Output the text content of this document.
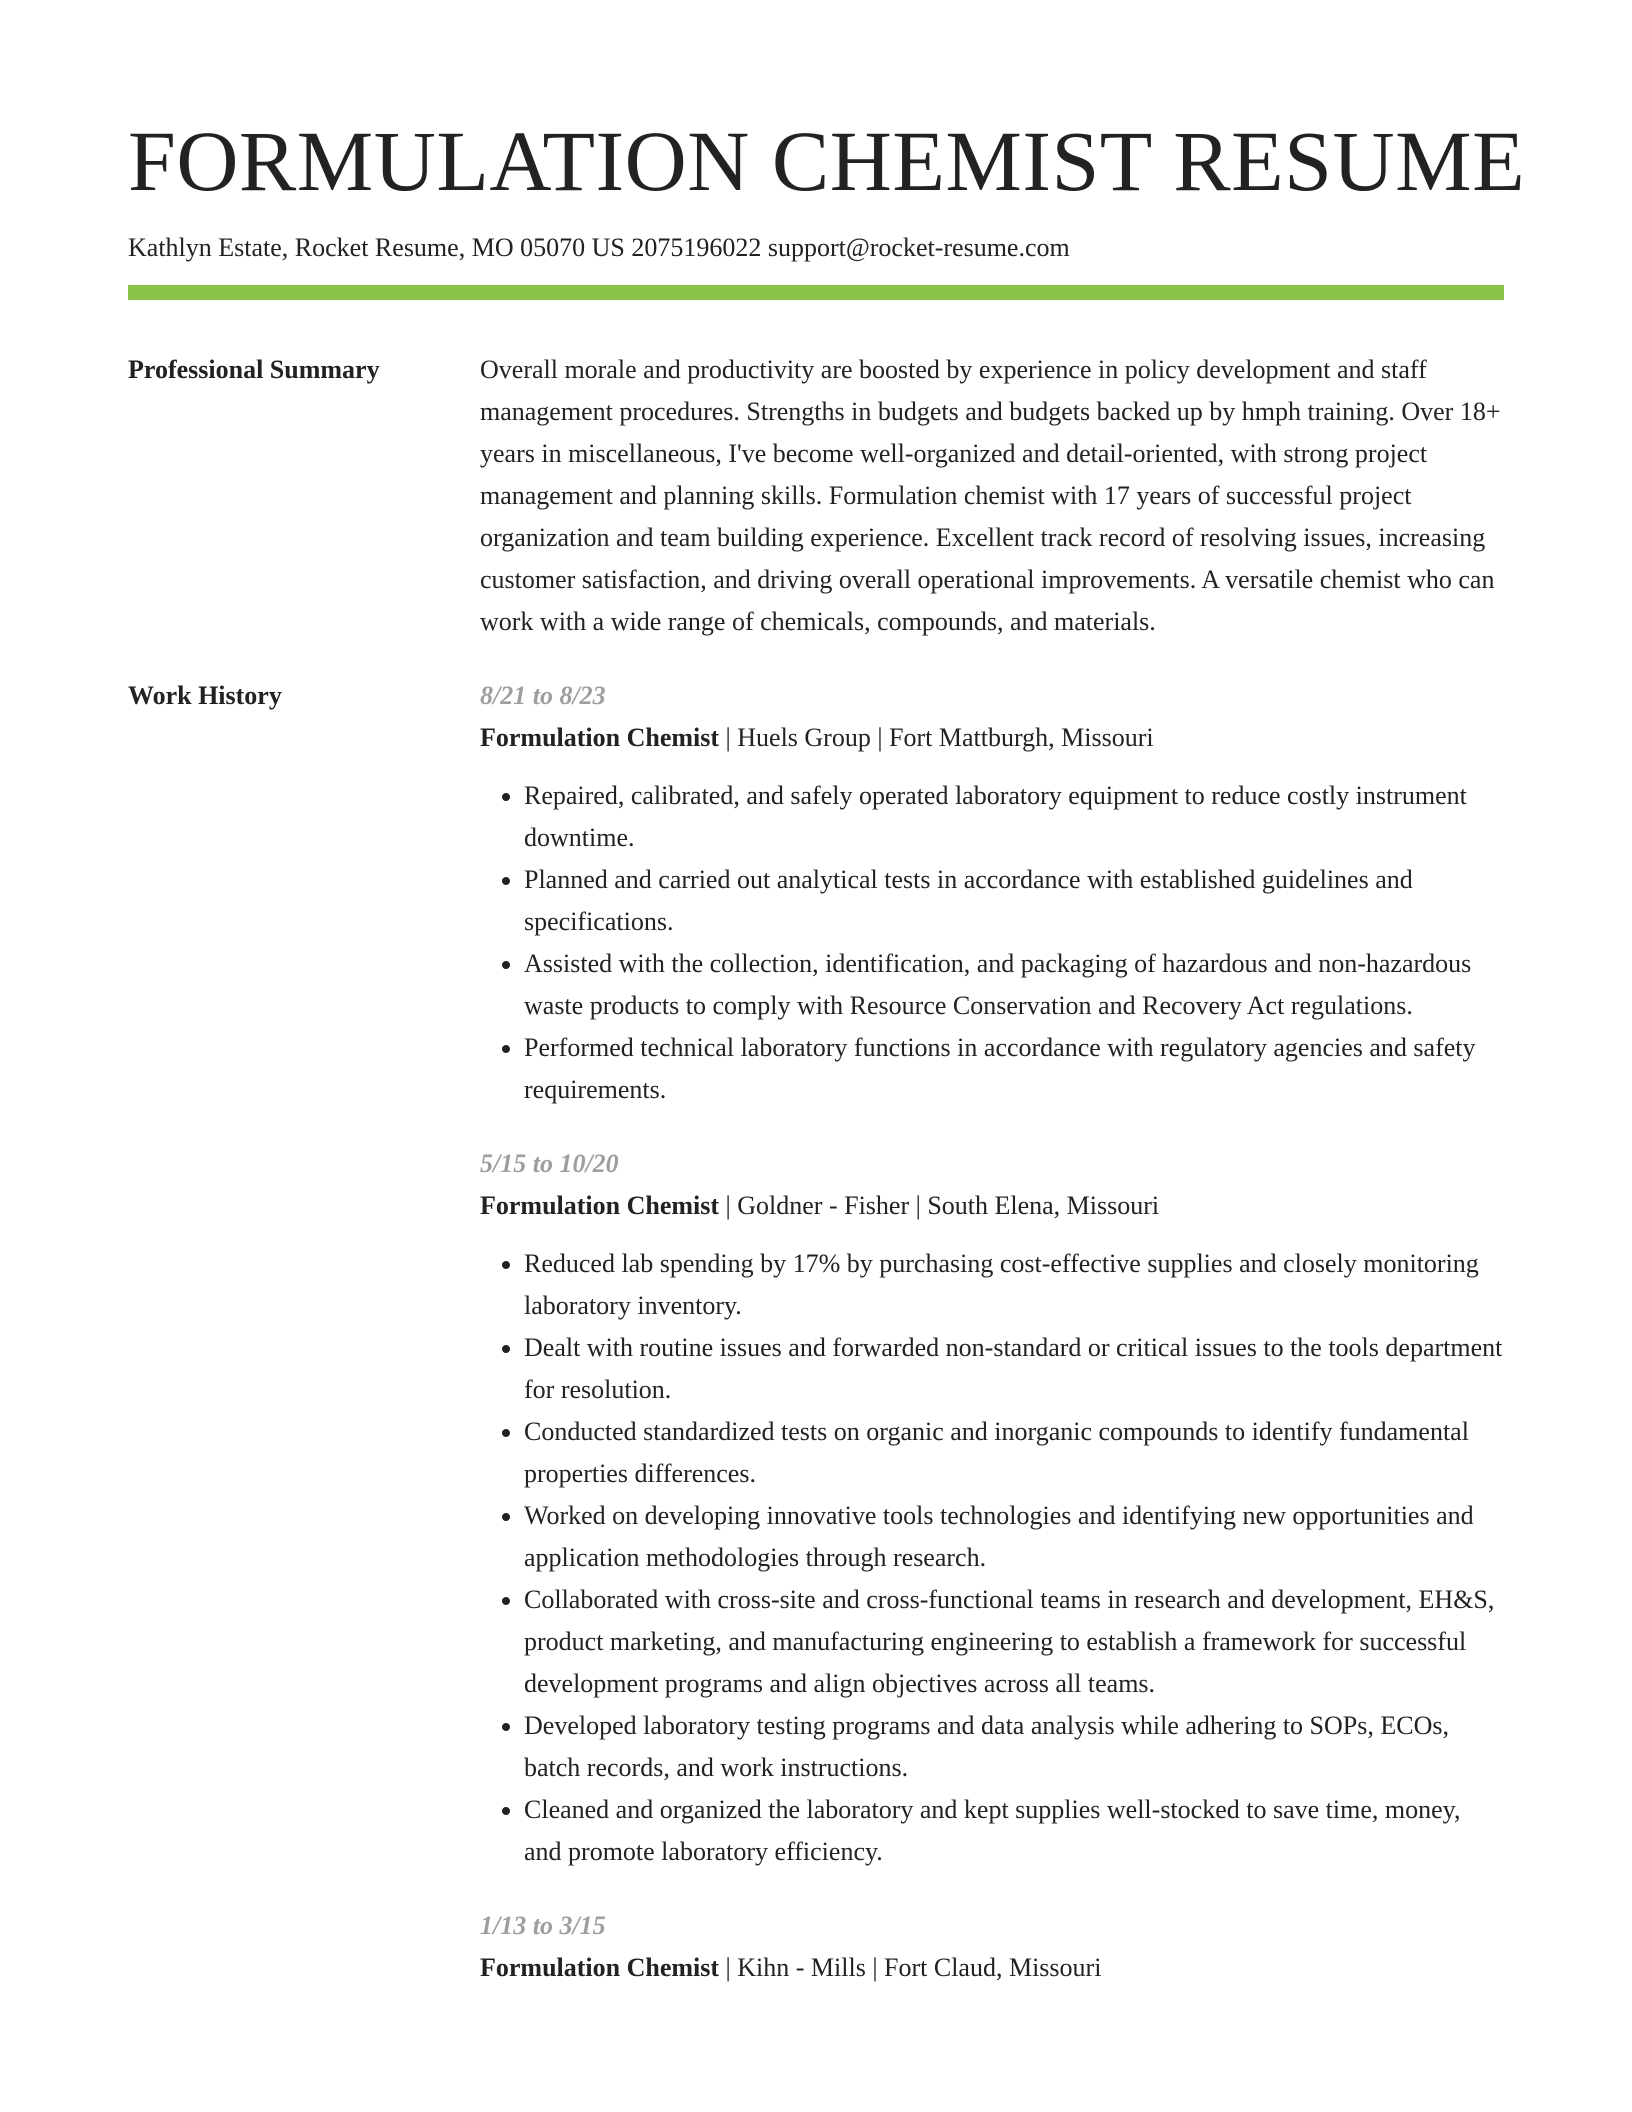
FORMULATION CHEMIST RESUME
Kathlyn Estate, Rocket Resume, MO 05070 US 2075196022 support@rocket-resume.com
Professional Summary	Overall morale and productivity are boosted by experience in policy development and staff management procedures. Strengths in budgets and budgets backed up by hmph training. Over 18+ years in miscellaneous, I've become well-organized and detail-oriented, with strong project management and planning skills. Formulation chemist with 17 years of successful project organization and team building experience. Excellent track record of resolving issues, increasing customer satisfaction, and driving overall operational improvements. A versatile chemist who can work with a wide range of chemicals, compounds, and materials.

Work History	8/21 to 8/23
Formulation Chemist | Huels Group | Fort Mattburgh, Missouri
• Repaired, calibrated, and safely operated laboratory equipment to reduce costly instrument downtime.
• Planned and carried out analytical tests in accordance with established guidelines and specifications.
• Assisted with the collection, identification, and packaging of hazardous and non-hazardous waste products to comply with Resource Conservation and Recovery Act regulations.
• Performed technical laboratory functions in accordance with regulatory agencies and safety requirements.
5/15 to 10/20
Formulation Chemist | Goldner - Fisher | South Elena, Missouri
• Reduced lab spending by 17% by purchasing cost-effective supplies and closely monitoring laboratory inventory.
• Dealt with routine issues and forwarded non-standard or critical issues to the tools department for resolution.
• Conducted standardized tests on organic and inorganic compounds to identify fundamental properties differences.
• Worked on developing innovative tools technologies and identifying new opportunities and application methodologies through research.
• Collaborated with cross-site and cross-functional teams in research and development, EH&S, product marketing, and manufacturing engineering to establish a framework for successful development programs and align objectives across all teams.
• Developed laboratory testing programs and data analysis while adhering to SOPs, ECOs, batch records, and work instructions.
• Cleaned and organized the laboratory and kept supplies well-stocked to save time, money, and promote laboratory efficiency.
1/13 to 3/15
Formulation Chemist | Kihn - Mills | Fort Claud, Missouri
